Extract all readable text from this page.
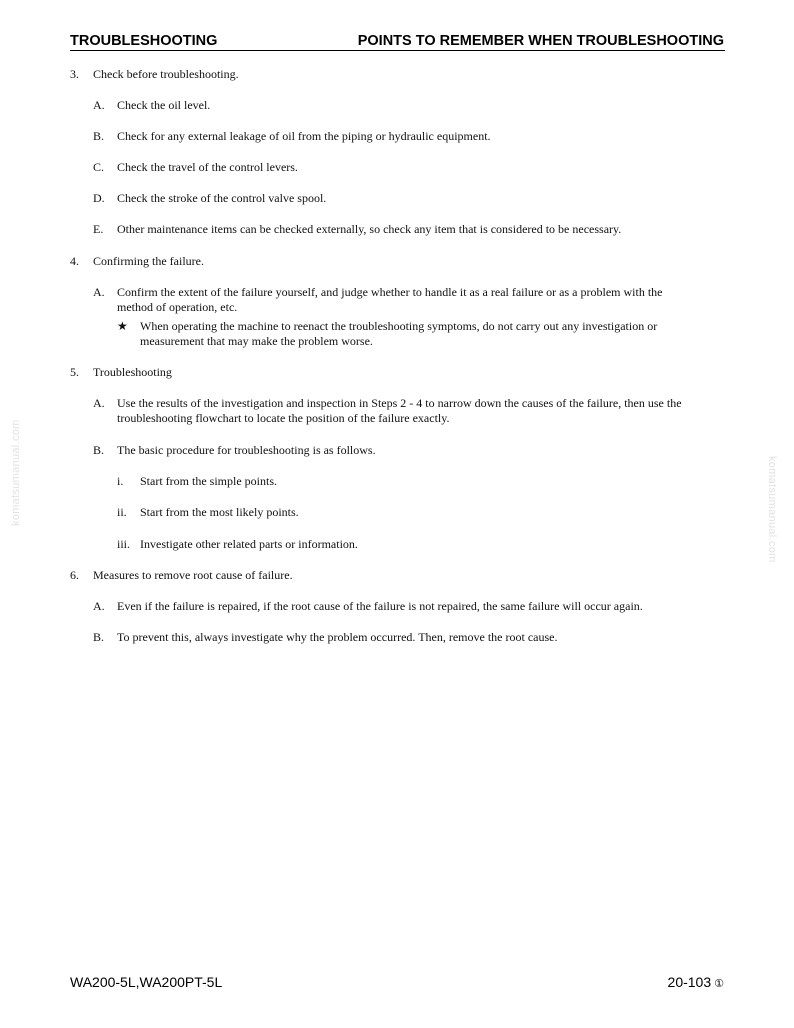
TROUBLESHOOTING	POINTS TO REMEMBER WHEN TROUBLESHOOTING
3. Check before troubleshooting.
A. Check the oil level.
B. Check for any external leakage of oil from the piping or hydraulic equipment.
C. Check the travel of the control levers.
D. Check the stroke of the control valve spool.
E. Other maintenance items can be checked externally, so check any item that is considered to be necessary.
4. Confirming the failure.
A. Confirm the extent of the failure yourself, and judge whether to handle it as a real failure or as a problem with the
method of operation, etc.
★ When operating the machine to reenact the troubleshooting symptoms, do not carry out any investigation or
measurement that may make the problem worse.
5. Troubleshooting
A. Use the results of the investigation and inspection in Steps 2 - 4 to narrow down the causes of the failure, then use the
troubleshooting flowchart to locate the position of the failure exactly.
B. The basic procedure for troubleshooting is as follows.
i. Start from the simple points.
ii. Start from the most likely points.
iii. Investigate other related parts or information.
6. Measures to remove root cause of failure.
A. Even if the failure is repaired, if the root cause of the failure is not repaired, the same failure will occur again.
B. To prevent this, always investigate why the problem occurred. Then, remove the root cause.
komatsumanual.com	komatsumanual.com
WA200-5L,WA200PT-5L	20-103 ①
